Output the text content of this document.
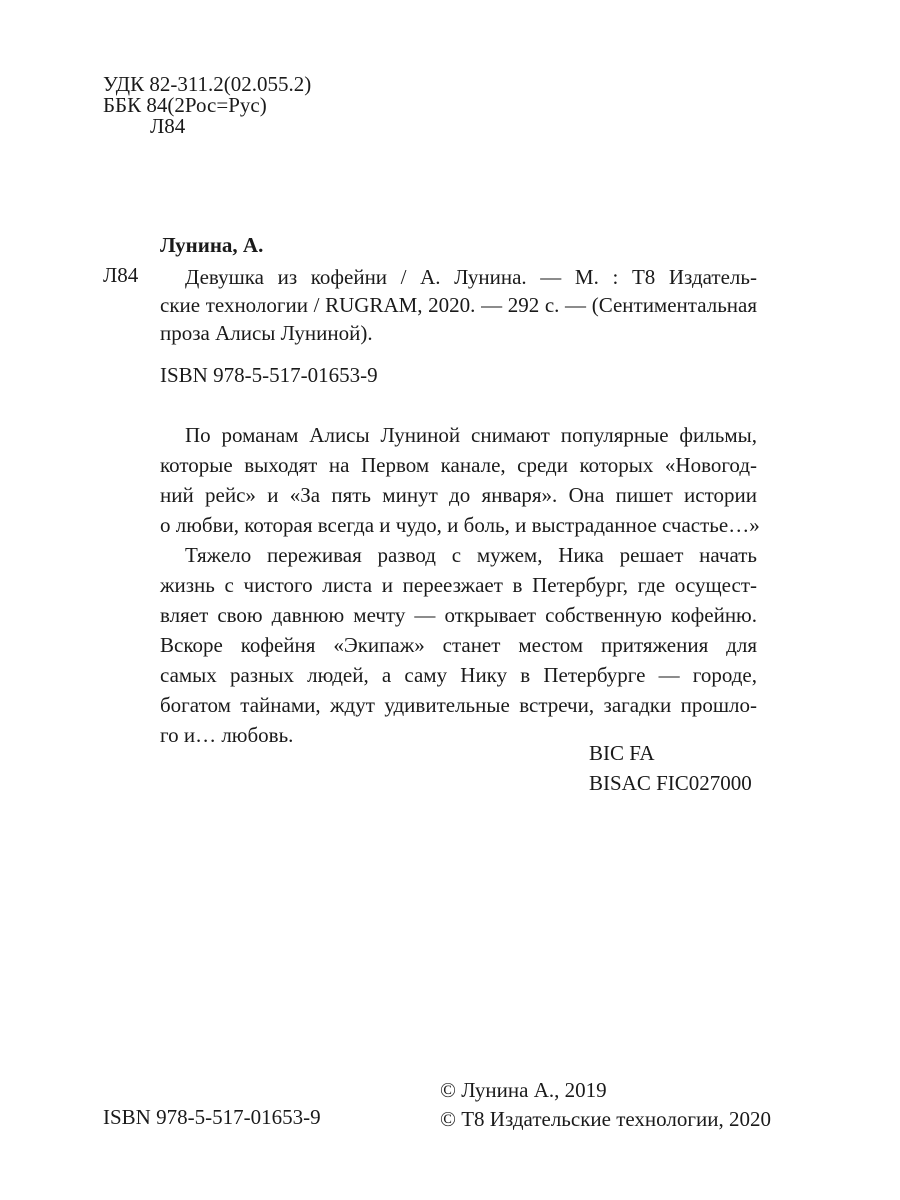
УДК 82-311.2(02.055.2)
ББК 84(2Рос=Рус)
Л84
Лунина, А.
Л84	Девушка из кофейни / А. Лунина. — М. : Т8 Издатель-
ские технологии / RUGRAM, 2020. — 292 с. — (Сентиментальная
проза Алисы Луниной).
ISBN 978-5-517-01653-9
По романам Алисы Луниной снимают популярные фильмы,
которые выходят на Первом канале, среди которых «Новогод-
ний рейс» и «За пять минут до января». Она пишет истории
о любви, которая всегда и чудо, и боль, и выстраданное счастье…»
Тяжело переживая развод с мужем, Ника решает начать
жизнь с чистого листа и переезжает в Петербург, где осущест-
вляет свою давнюю мечту — открывает собственную кофейню.
Вскоре кофейня «Экипаж» станет местом притяжения для
самых разных людей, а саму Нику в Петербурге — городе,
богатом тайнами, ждут удивительные встречи, загадки прошло-
го и… любовь.
BIC FA
BISAC FIC027000
ISBN 978-5-517-01653-9
© Лунина А., 2019
© Т8 Издательские технологии, 2020
